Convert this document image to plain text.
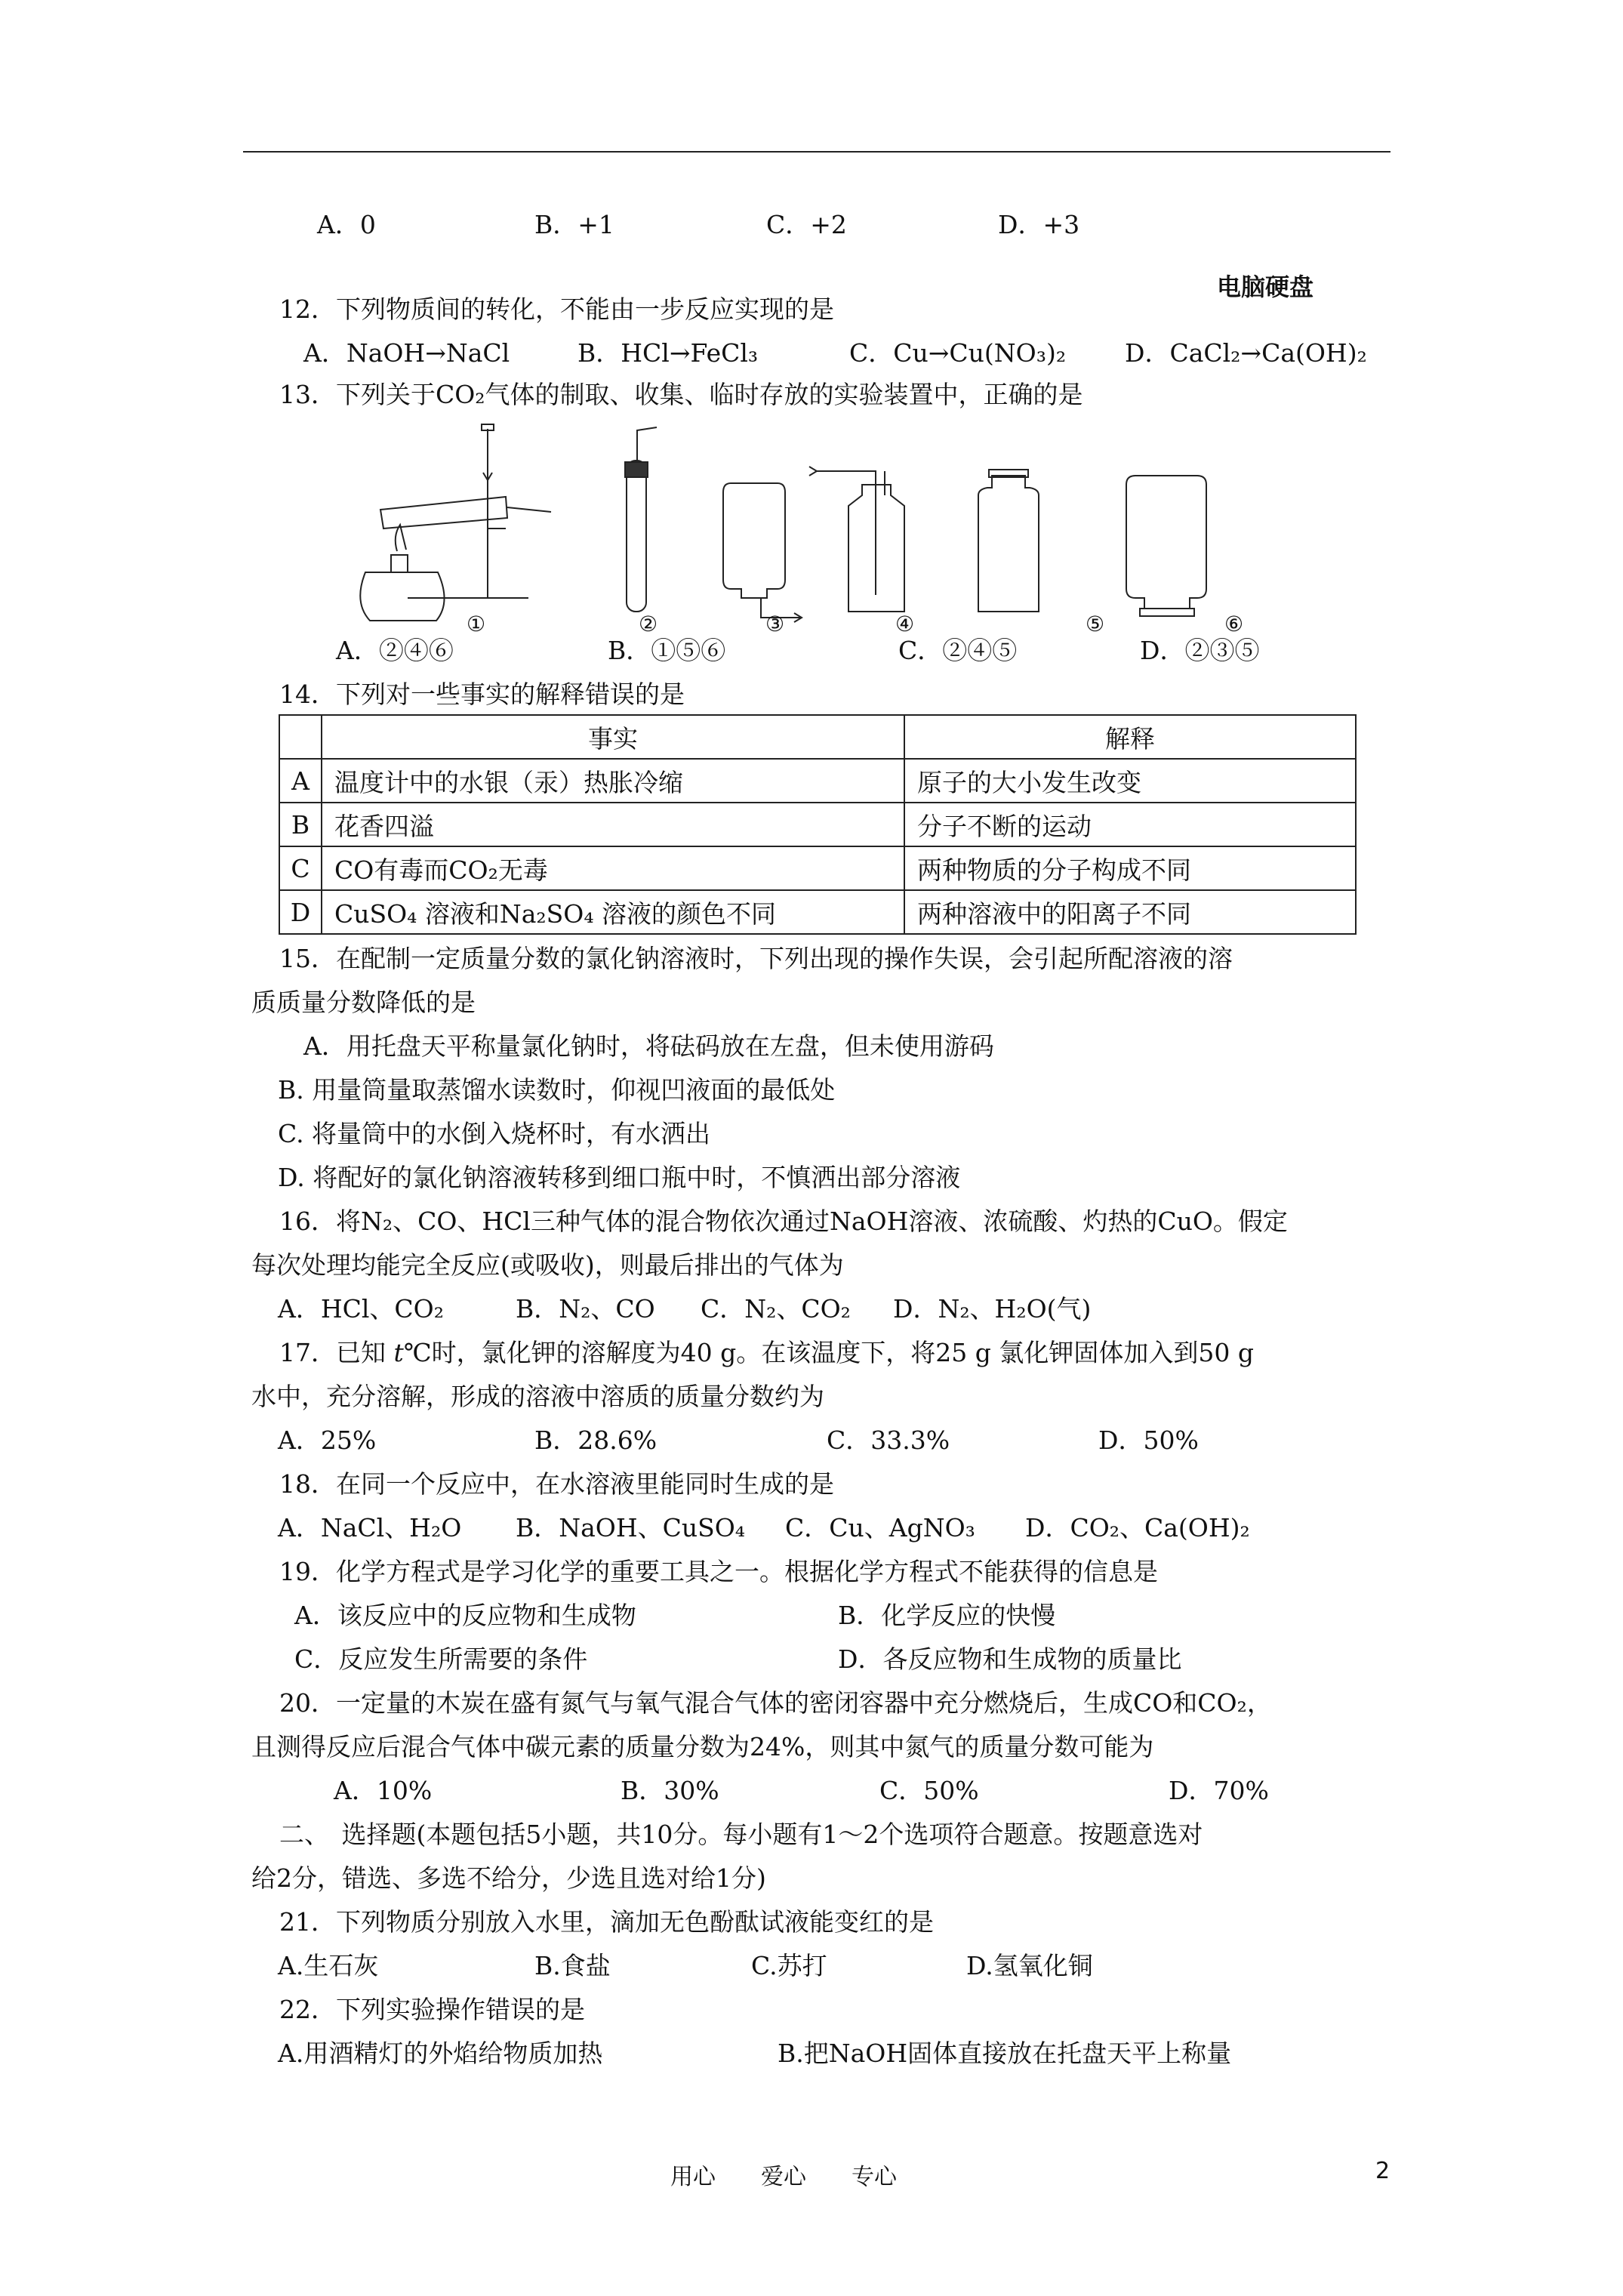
A．0	B．+1	C．+2	D．+3
电脑硬盘
12．下列物质间的转化，不能由一步反应实现的是
A．NaOH→NaCl	B．HCl→FeCl₃	C．Cu→Cu(NO₃)₂ D．CaCl₂→Ca(OH)₂
13．下列关于CO₂气体的制取、收集、临时存放的实验装置中，正确的是
①	②	③	④	⑤	⑥
A．②④⑥	B．①⑤⑥	C．②④⑤	D．②③⑤
14．下列对一些事实的解释错误的是
	事实	解释
A	温度计中的水银（汞）热胀冷缩	原子的大小发生改变
B	花香四溢	分子不断的运动
C	CO有毒而CO₂无毒	两种物质的分子构成不同
D	CuSO₄ 溶液和Na₂SO₄ 溶液的颜色不同	两种溶液中的阳离子不同
15．在配制一定质量分数的氯化钠溶液时，下列出现的操作失误，会引起所配溶液的溶
质质量分数降低的是
A．用托盘天平称量氯化钠时，将砝码放在左盘，但未使用游码
B. 用量筒量取蒸馏水读数时，仰视凹液面的最低处
C. 将量筒中的水倒入烧杯时，有水洒出
D. 将配好的氯化钠溶液转移到细口瓶中时，不慎洒出部分溶液
16．将N₂、CO、HCl三种气体的混合物依次通过NaOH溶液、浓硫酸、灼热的CuO。假定
每次处理均能完全反应(或吸收)，则最后排出的气体为
A．HCl、CO₂	B．N₂、CO C．N₂、CO₂ D．N₂、H₂O(气)
17．已知 t℃时，氯化钾的溶解度为40 g。在该温度下，将25 g 氯化钾固体加入到50 g
水中，充分溶解，形成的溶液中溶质的质量分数约为
A．25%	B．28.6%	C．33.3%	D．50%
18．在同一个反应中，在水溶液里能同时生成的是
A．NaCl、H₂O B．NaOH、CuSO₄ C．Cu、AgNO₃ D．CO₂、Ca(OH)₂
19．化学方程式是学习化学的重要工具之一。根据化学方程式不能获得的信息是
A．该反应中的反应物和生成物	B．化学反应的快慢
C．反应发生所需要的条件	D．各反应物和生成物的质量比
20．一定量的木炭在盛有氮气与氧气混合气体的密闭容器中充分燃烧后，生成CO和CO₂，
且测得反应后混合气体中碳元素的质量分数为24%，则其中氮气的质量分数可能为
A．10%	B．30%	C．50%	D．70%
二、　选择题(本题包括5小题，共10分。每小题有1～2个选项符合题意。按题意选对
给2分，错选、多选不给分，少选且选对给1分)
21．下列物质分别放入水里，滴加无色酚酞试液能变红的是
A.生石灰	B.食盐	C.苏打	D.氢氧化铜
22．下列实验操作错误的是
A.用酒精灯的外焰给物质加热	B.把NaOH固体直接放在托盘天平上称量
用心　　爱心　　专心	2
